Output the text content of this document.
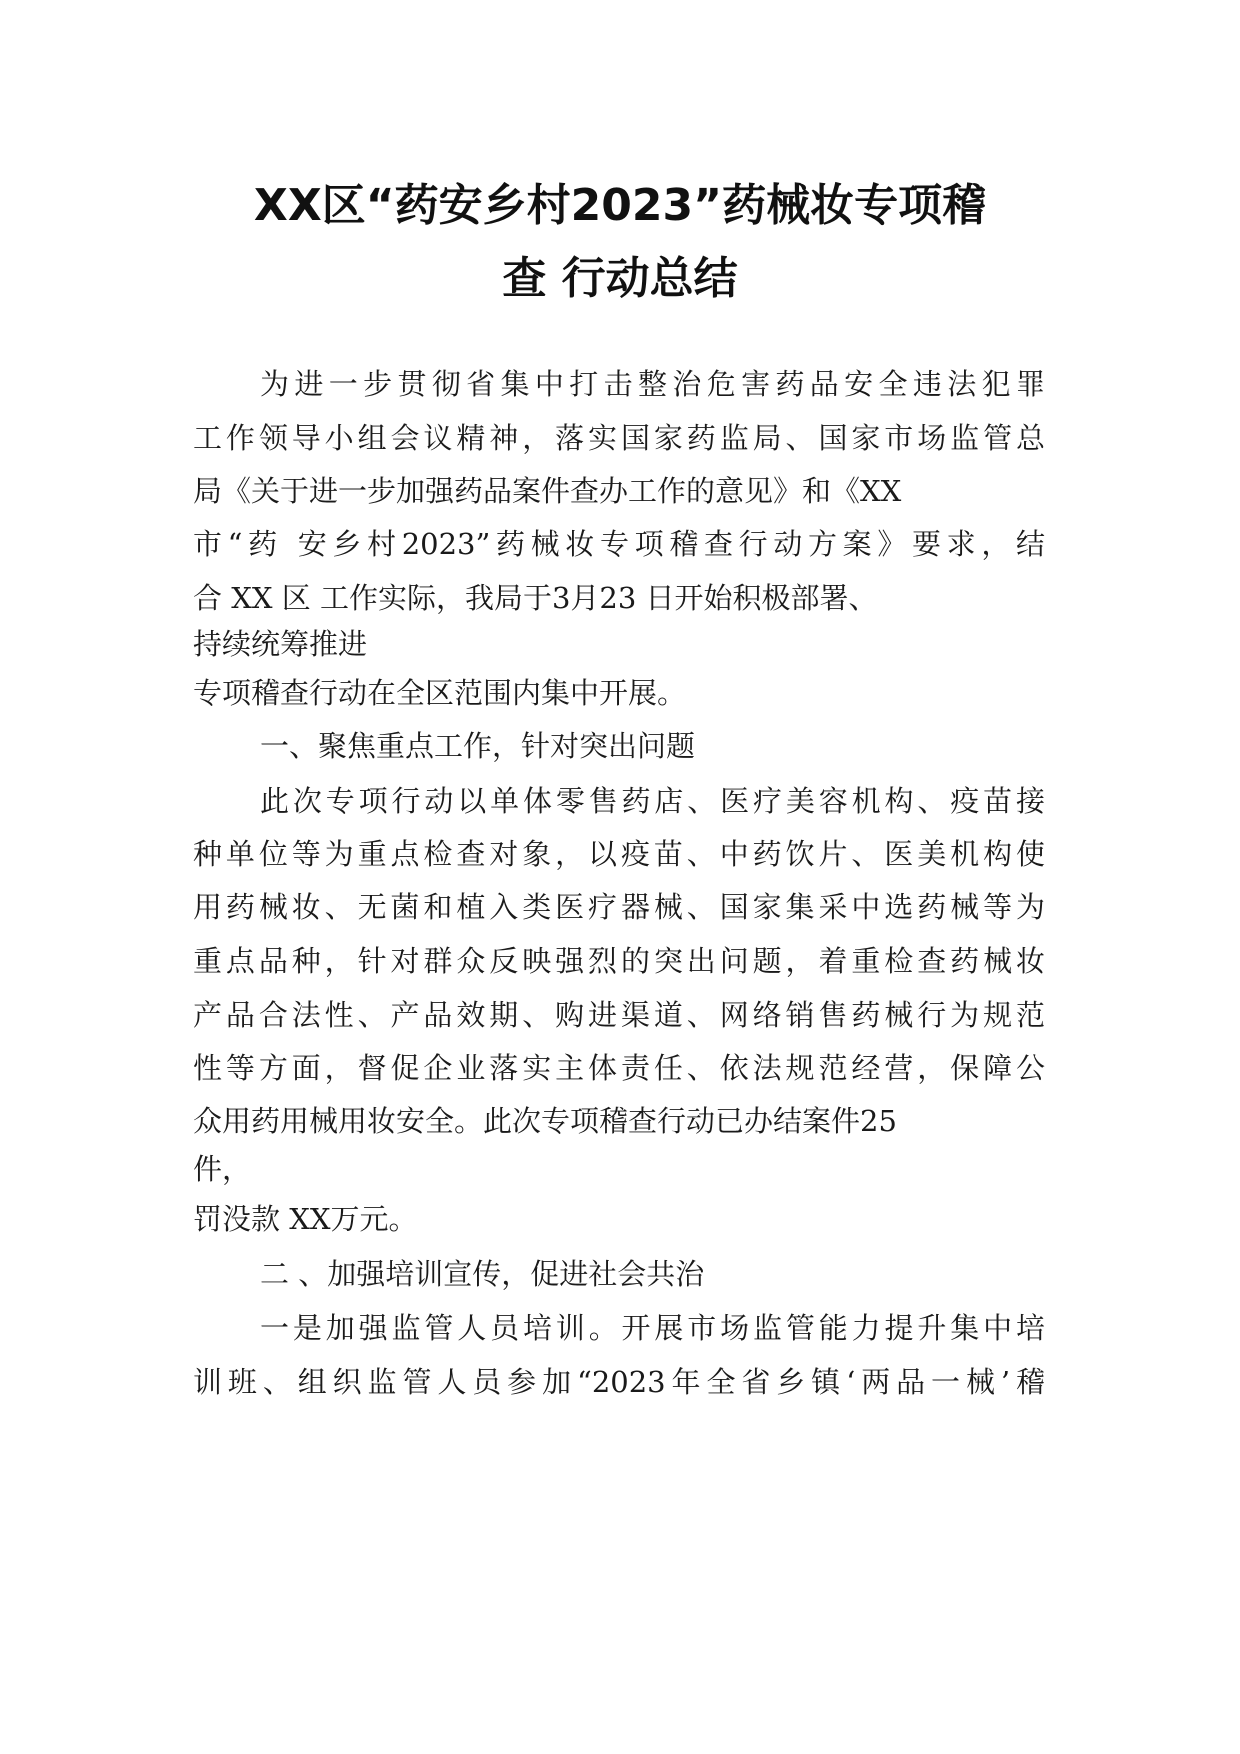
XX区“药安乡村2023”药械妆专项稽
查 行动总结

为进一步贯彻省集中打击整治危害药品安全违法犯罪

工作领导小组会议精神，落实国家药监局、国家市场监管总

局《关于进一步加强药品案件查办工作的意见》和《XX

市“药 安乡村2023”药械妆专项稽查行动方案》要求，结

合 XX 区 工作实际，我局于3月23 日开始积极部署、

持续统筹推进

专项稽查行动在全区范围内集中开展。

一、聚焦重点工作，针对突出问题

此次专项行动以单体零售药店、医疗美容机构、疫苗接

种单位等为重点检查对象，以疫苗、中药饮片、医美机构使

用药械妆、无菌和植入类医疗器械、国家集采中选药械等为

重点品种，针对群众反映强烈的突出问题，着重检查药械妆

产品合法性、产品效期、购进渠道、网络销售药械行为规范

性等方面，督促企业落实主体责任、依法规范经营，保障公

众用药用械用妆安全。此次专项稽查行动已办结案件25

件，

罚没款 XX万元。

二 、加强培训宣传，促进社会共治

一是加强监管人员培训。开展市场监管能力提升集中培

训班、组织监管人员参加“2023年全省乡镇‘两品一械’稽
